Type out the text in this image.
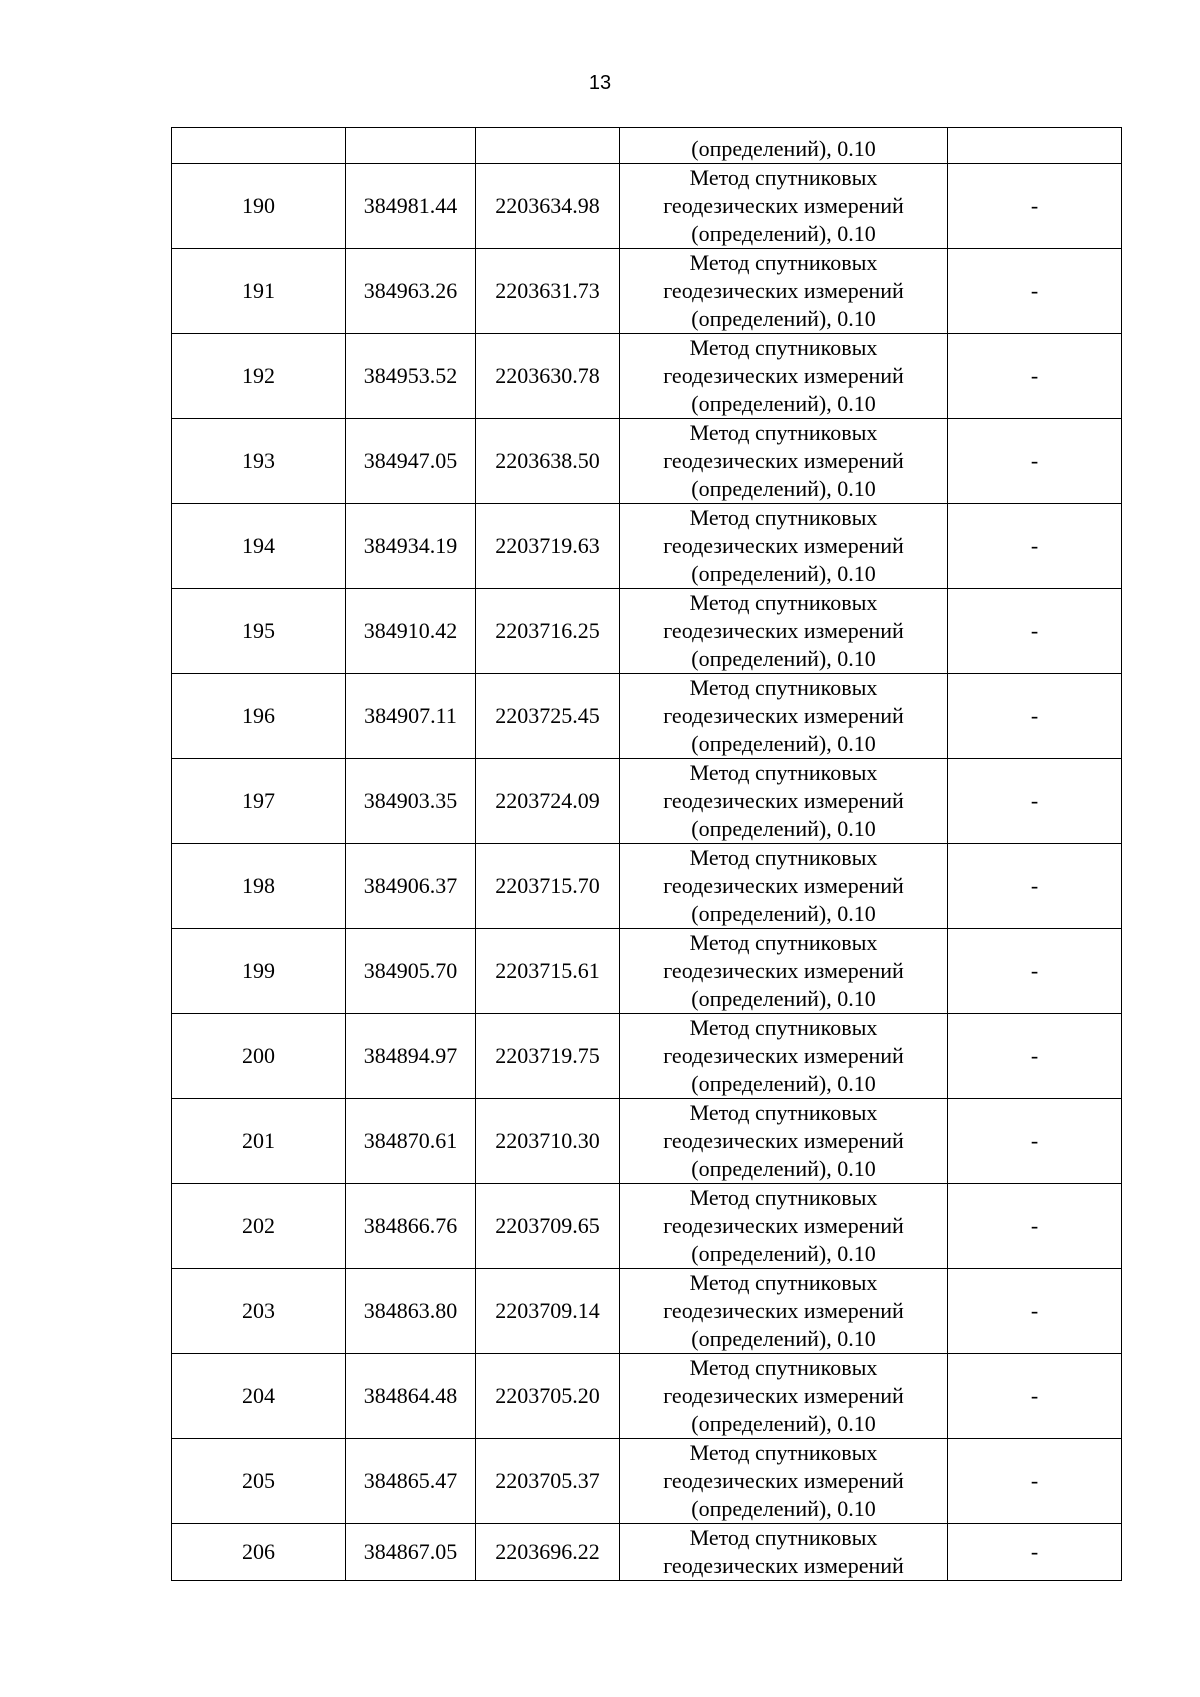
13
			(определений), 0.10	
190	384981.44	2203634.98	Метод спутниковых
геодезических измерений
(определений), 0.10	-
191	384963.26	2203631.73	Метод спутниковых
геодезических измерений
(определений), 0.10	-
192	384953.52	2203630.78	Метод спутниковых
геодезических измерений
(определений), 0.10	-
193	384947.05	2203638.50	Метод спутниковых
геодезических измерений
(определений), 0.10	-
194	384934.19	2203719.63	Метод спутниковых
геодезических измерений
(определений), 0.10	-
195	384910.42	2203716.25	Метод спутниковых
геодезических измерений
(определений), 0.10	-
196	384907.11	2203725.45	Метод спутниковых
геодезических измерений
(определений), 0.10	-
197	384903.35	2203724.09	Метод спутниковых
геодезических измерений
(определений), 0.10	-
198	384906.37	2203715.70	Метод спутниковых
геодезических измерений
(определений), 0.10	-
199	384905.70	2203715.61	Метод спутниковых
геодезических измерений
(определений), 0.10	-
200	384894.97	2203719.75	Метод спутниковых
геодезических измерений
(определений), 0.10	-
201	384870.61	2203710.30	Метод спутниковых
геодезических измерений
(определений), 0.10	-
202	384866.76	2203709.65	Метод спутниковых
геодезических измерений
(определений), 0.10	-
203	384863.80	2203709.14	Метод спутниковых
геодезических измерений
(определений), 0.10	-
204	384864.48	2203705.20	Метод спутниковых
геодезических измерений
(определений), 0.10	-
205	384865.47	2203705.37	Метод спутниковых
геодезических измерений
(определений), 0.10	-
206	384867.05	2203696.22	Метод спутниковых
геодезических измерений	-
